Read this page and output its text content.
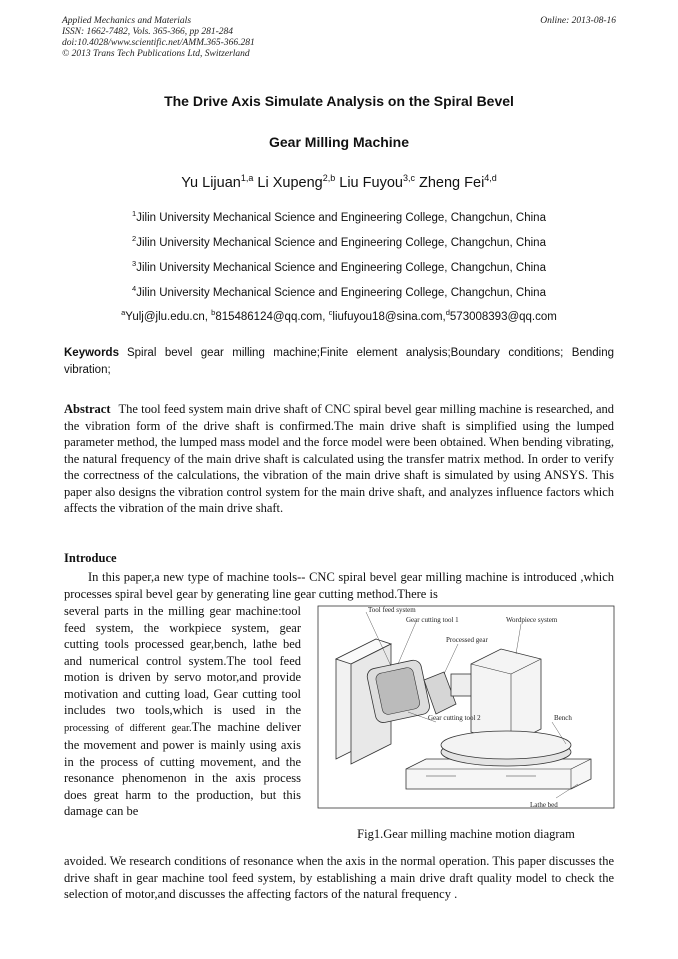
Applied Mechanics and Materials
ISSN: 1662-7482, Vols. 365-366, pp 281-284
doi:10.4028/www.scientific.net/AMM.365-366.281
© 2013 Trans Tech Publications Ltd, Switzerland
Online: 2013-08-16
The Drive Axis Simulate Analysis on the Spiral Bevel
Gear Milling Machine
Yu Lijuan$^{1,a}$ Li Xupeng$^{2,b}$ Liu Fuyou$^{3,c}$ Zheng Fei$^{4,d}$
$^1$Jilin University Mechanical Science and Engineering College, Changchun, China
$^2$Jilin University Mechanical Science and Engineering College, Changchun, China
$^3$Jilin University Mechanical Science and Engineering College, Changchun, China
$^4$Jilin University Mechanical Science and Engineering College, Changchun, China
$^a$Yulj@jlu.edu.cn, $^b$815486124@qq.com, $^c$liufuyou18@sina.com,$^d$573008393@qq.com
Keywords Spiral bevel gear milling machine;Finite element analysis;Boundary conditions; Bending vibration;
Abstract The tool feed system main drive shaft of CNC spiral bevel gear milling machine is researched, and the vibration form of the drive shaft is confirmed.The main drive shaft is simplified using the lumped parameter method, the lumped mass model and the force model were been obtained. When bending vibrating, the natural frequency of the main drive shaft is calculated using the transfer matrix method. In order to verify the correctness of the calculations, the vibration of the main drive shaft is simulated by using ANSYS. This paper also designs the vibration control system for the main drive shaft, and analyzes influence factors which affects the vibration of the main drive shaft.
Introduce
In this paper,a new type of machine tools-- CNC spiral bevel gear milling machine is introduced ,which processes spiral bevel gear by generating line gear cutting method.There is
several parts in the milling gear machine:tool feed system, the workpiece system, gear cutting tools processed gear,bench, lathe bed and numerical control system.The tool feed motion is driven by servo motor,and provide motivation and cutting load, Gear cutting tool includes two tools,which is used in the processing of different gear.The machine deliver the movement and power is mainly using axis in the process of cutting movement, and the resonance phenomenon in the axis process does great harm to the production, but this damage can be
Tool feed system
Gear cutting tool 1	Wordpiece system
Processed gear
Gear cutting tool 2	Bench
Lathe bed
Fig1.Gear milling machine motion diagram
avoided. We research conditions of resonance when the axis in the normal operation. This paper discusses the drive shaft in gear machine tool feed system, by establishing a main drive draft quality model to check the selection of motor,and discusses the affecting factors of the natural frequency .
